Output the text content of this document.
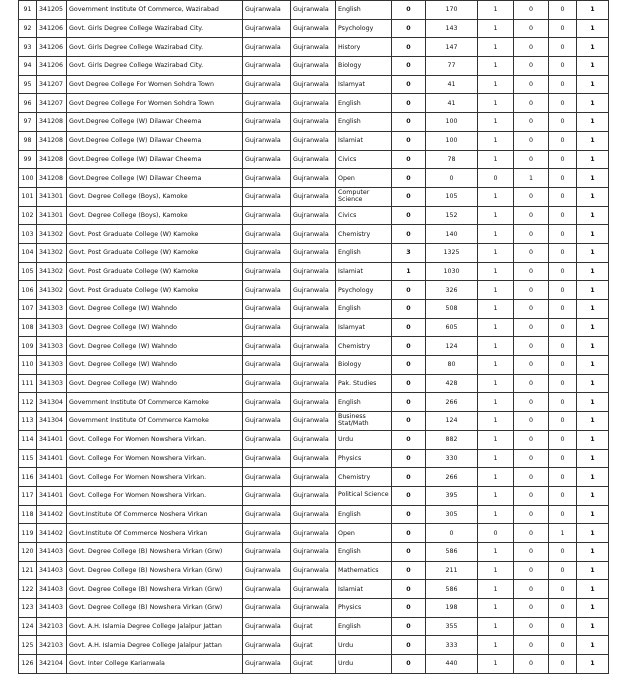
91	341205	Government Institute Of Commerce, Wazirabad	Gujranwala	Gujranwala	English	0	170	1	0	0	1
92	341206	Govt. Girls Degree College Wazirabad City.	Gujranwala	Gujranwala	Psychology	0	143	1	0	0	1
93	341206	Govt. Girls Degree College Wazirabad City.	Gujranwala	Gujranwala	History	0	147	1	0	0	1
94	341206	Govt. Girls Degree College Wazirabad City.	Gujranwala	Gujranwala	Biology	0	77	1	0	0	1
95	341207	Govt Degree College For Women Sohdra Town	Gujranwala	Gujranwala	Islamyat	0	41	1	0	0	1
96	341207	Govt Degree College For Women Sohdra Town	Gujranwala	Gujranwala	English	0	41	1	0	0	1
97	341208	Govt.Degree College (W) Dilawar Cheema	Gujranwala	Gujranwala	English	0	100	1	0	0	1
98	341208	Govt.Degree College (W) Dilawar Cheema	Gujranwala	Gujranwala	Islamiat	0	100	1	0	0	1
99	341208	Govt.Degree College (W) Dilawar Cheema	Gujranwala	Gujranwala	Civics	0	78	1	0	0	1
100	341208	Govt.Degree College (W) Dilawar Cheema	Gujranwala	Gujranwala	Open	0	0	0	1	0	1
101	341301	Govt. Degree College (Boys), Kamoke	Gujranwala	Gujranwala	Computer Science	0	105	1	0	0	1
102	341301	Govt. Degree College (Boys), Kamoke	Gujranwala	Gujranwala	Civics	0	152	1	0	0	1
103	341302	Govt. Post Graduate College (W) Kamoke	Gujranwala	Gujranwala	Chemistry	0	140	1	0	0	1
104	341302	Govt. Post Graduate College (W) Kamoke	Gujranwala	Gujranwala	English	3	1325	1	0	0	1
105	341302	Govt. Post Graduate College (W) Kamoke	Gujranwala	Gujranwala	Islamiat	1	1030	1	0	0	1
106	341302	Govt. Post Graduate College (W) Kamoke	Gujranwala	Gujranwala	Psychology	0	326	1	0	0	1
107	341303	Govt. Degree College (W) Wahndo	Gujranwala	Gujranwala	English	0	508	1	0	0	1
108	341303	Govt. Degree College (W) Wahndo	Gujranwala	Gujranwala	Islamyat	0	605	1	0	0	1
109	341303	Govt. Degree College (W) Wahndo	Gujranwala	Gujranwala	Chemistry	0	124	1	0	0	1
110	341303	Govt. Degree College (W) Wahndo	Gujranwala	Gujranwala	Biology	0	80	1	0	0	1
111	341303	Govt. Degree College (W) Wahndo	Gujranwala	Gujranwala	Pak. Studies	0	428	1	0	0	1
112	341304	Government Institute Of Commerce Kamoke	Gujranwala	Gujranwala	English	0	266	1	0	0	1
113	341304	Government Institute Of Commerce Kamoke	Gujranwala	Gujranwala	Business Stat/Math	0	124	1	0	0	1
114	341401	Govt. College For Women Nowshera Virkan.	Gujranwala	Gujranwala	Urdu	0	882	1	0	0	1
115	341401	Govt. College For Women Nowshera Virkan.	Gujranwala	Gujranwala	Physics	0	330	1	0	0	1
116	341401	Govt. College For Women Nowshera Virkan.	Gujranwala	Gujranwala	Chemistry	0	266	1	0	0	1
117	341401	Govt. College For Women Nowshera Virkan.	Gujranwala	Gujranwala	Political Science	0	395	1	0	0	1
118	341402	Govt.Institute Of Commerce Noshera Virkan	Gujranwala	Gujranwala	English	0	305	1	0	0	1
119	341402	Govt.Institute Of Commerce Noshera Virkan	Gujranwala	Gujranwala	Open	0	0	0	0	1	1
120	341403	Govt. Degree College (B) Nowshera Virkan (Grw)	Gujranwala	Gujranwala	English	0	586	1	0	0	1
121	341403	Govt. Degree College (B) Nowshera Virkan (Grw)	Gujranwala	Gujranwala	Mathematics	0	211	1	0	0	1
122	341403	Govt. Degree College (B) Nowshera Virkan (Grw)	Gujranwala	Gujranwala	Islamiat	0	586	1	0	0	1
123	341403	Govt. Degree College (B) Nowshera Virkan (Grw)	Gujranwala	Gujranwala	Physics	0	198	1	0	0	1
124	342103	Govt. A.H. Islamia Degree College Jalalpur Jattan	Gujranwala	Gujrat	English	0	355	1	0	0	1
125	342103	Govt. A.H. Islamia Degree College Jalalpur Jattan	Gujranwala	Gujrat	Urdu	0	333	1	0	0	1
126	342104	Govt. Inter College Karianwala	Gujranwala	Gujrat	Urdu	0	440	1	0	0	1
